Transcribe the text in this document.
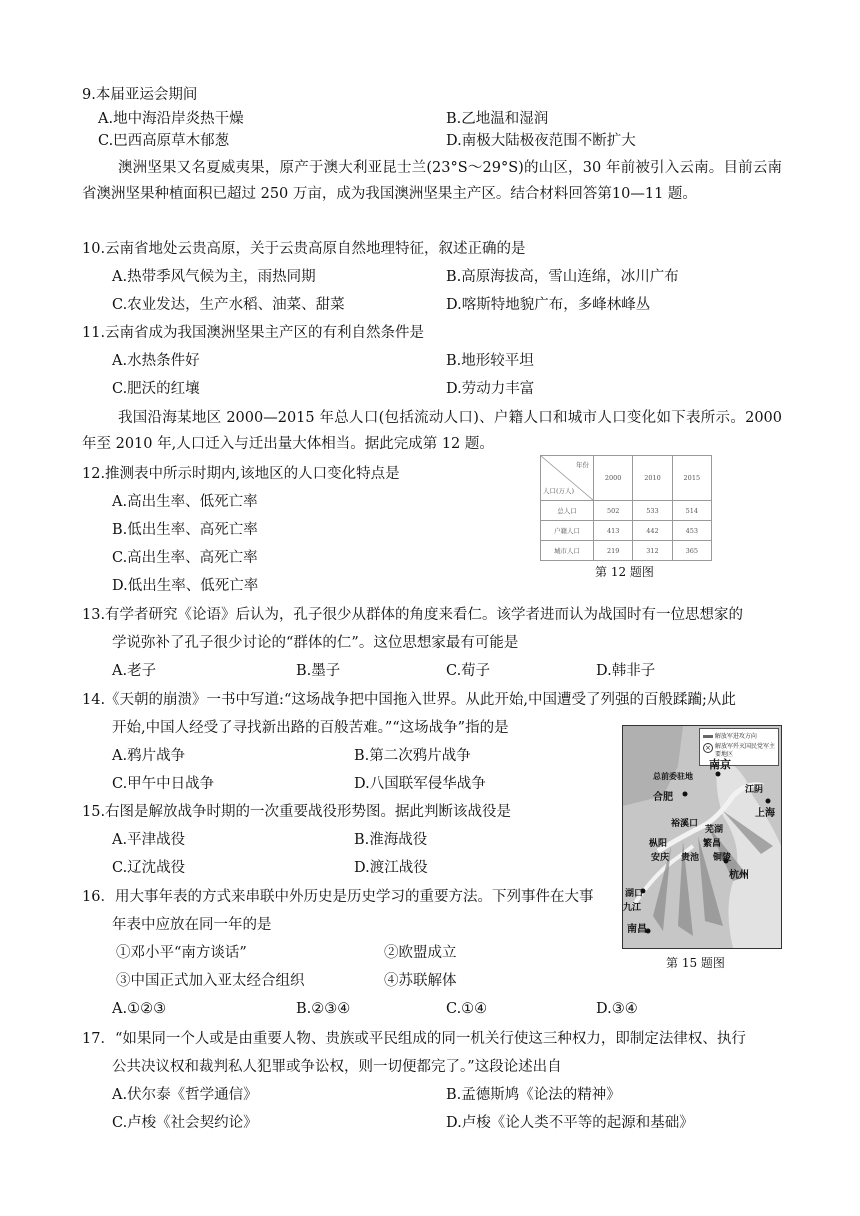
9.本届亚运会期间
A.地中海沿岸炎热干燥	B.乙地温和湿润
C.巴西高原草木郁葱	D.南极大陆极夜范围不断扩大
澳洲坚果又名夏威夷果，原产于澳大利亚昆士兰(23°S～29°S)的山区，30 年前被引入云南。目前云南省澳洲坚果种植面积已超过 250 万亩，成为我国澳洲坚果主产区。结合材料回答第10—11 题。
10.云南省地处云贵高原，关于云贵高原自然地理特征，叙述正确的是
A.热带季风气候为主，雨热同期	B.高原海拔高，雪山连绵，冰川广布
C.农业发达，生产水稻、油菜、甜菜	D.喀斯特地貌广布，多峰林峰丛
11.云南省成为我国澳洲坚果主产区的有利自然条件是
A.水热条件好	B.地形较平坦
C.肥沃的红壤	D.劳动力丰富
我国沿海某地区 2000—2015 年总人口(包括流动人口)、户籍人口和城市人口变化如下表所示。2000年至 2010 年,人口迁入与迁出量大体相当。据此完成第 12 题。
12.推测表中所示时期内,该地区的人口变化特点是
A.高出生率、低死亡率
B.低出生率、高死亡率
C.高出生率、高死亡率
D.低出生率、低死亡率
年份
人口(万人)	2000	2010	2015
总人口	502	533	514
户籍人口	413	442	453
城市人口	219	312	365
第 12 题图
13.有学者研究《论语》后认为，孔子很少从群体的角度来看仁。该学者进而认为战国时有一位思想家的
学说弥补了孔子很少讨论的“群体的仁”。这位思想家最有可能是
A.老子	B.墨子	C.荀子	D.韩非子
14.《天朝的崩溃》一书中写道:“这场战争把中国拖入世界。从此开始,中国遭受了列强的百般蹂躏;从此
开始,中国人经受了寻找新出路的百般苦难。”“这场战争”指的是
A.鸦片战争	B.第二次鸦片战争
C.甲午中日战争	D.八国联军侵华战争
15.右图是解放战争时期的一次重要战役形势图。据此判断该战役是
A.平津战役	B.淮海战役
C.辽沈战役	D.渡江战役
解放军进攻方向
× 解放军歼灭国民党军主要地区
总前委驻地
南京
合肥
江阴
上海
芜湖
裕溪口
枞阳
安庆
繁昌
铜陵
贵池
杭州
湖口
九江
南昌
第 15 题图
16．用大事年表的方式来串联中外历史是历史学习的重要方法。下列事件在大事
年表中应放在同一年的是
①邓小平“南方谈话”	②欧盟成立
③中国正式加入亚太经合组织	④苏联解体
A.①②③	B.②③④	C.①④	D.③④
17．“如果同一个人或是由重要人物、贵族或平民组成的同一机关行使这三种权力，即制定法律权、执行
公共决议权和裁判私人犯罪或争讼权，则一切便都完了。”这段论述出自
A.伏尔泰《哲学通信》	B.孟德斯鸠《论法的精神》
C.卢梭《社会契约论》	D.卢梭《论人类不平等的起源和基础》
